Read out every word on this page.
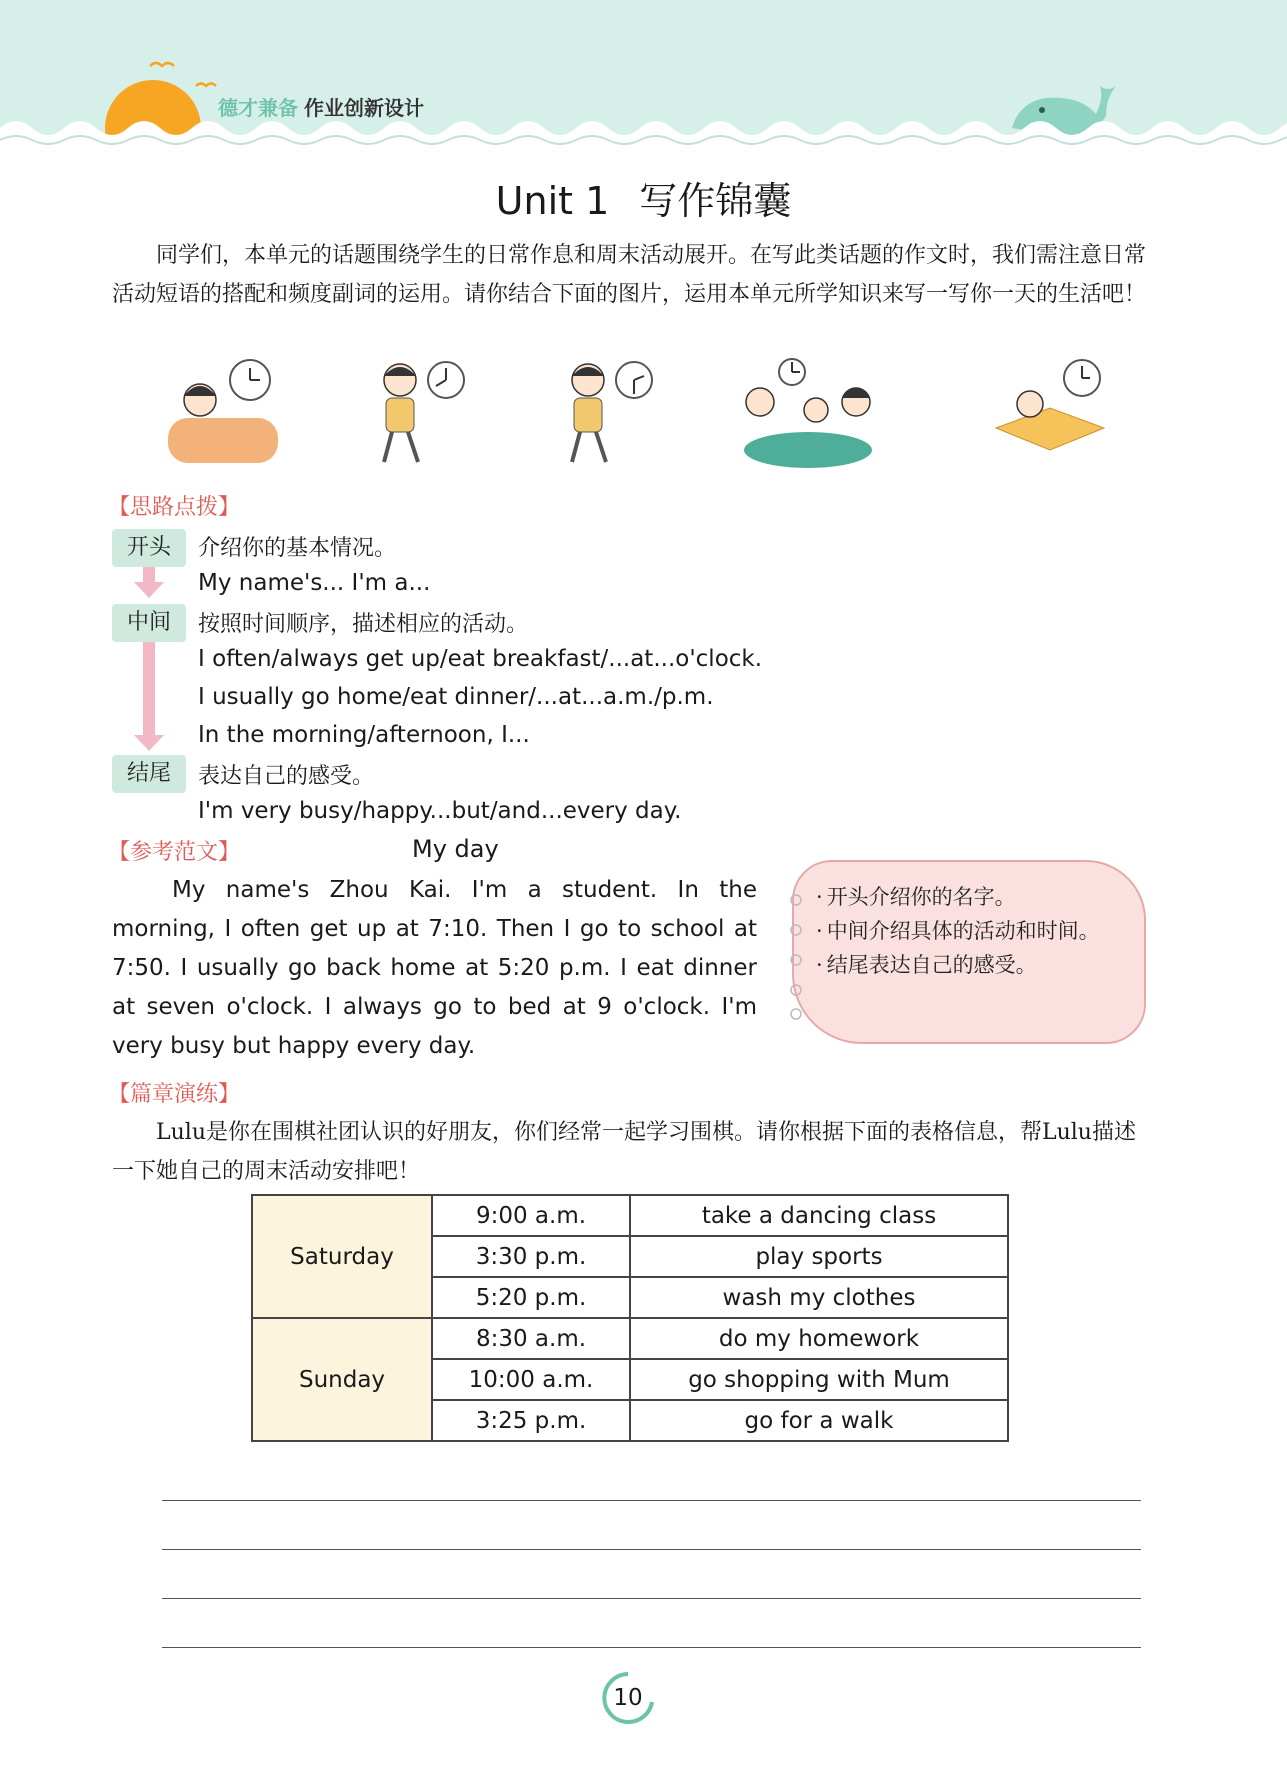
德才兼备 作业创新设计
Unit 1 写作锦囊
同学们，本单元的话题围绕学生的日常作息和周末活动展开。在写此类话题的作文时，我们需注意日常活动短语的搭配和频度副词的运用。请你结合下面的图片，运用本单元所学知识来写一写你一天的生活吧！
【思路点拨】
开头
中间
结尾
介绍你的基本情况。
My name's... I'm a...
按照时间顺序，描述相应的活动。
I often/always get up/eat breakfast/...at...o'clock.
I usually go home/eat dinner/...at...a.m./p.m.
In the morning/afternoon, I...
表达自己的感受。
I'm very busy/happy...but/and...every day.
【参考范文】	My day
My name's Zhou Kai. I'm a student. In the morning, I often get up at 7:10. Then I go to school at 7:50. I usually go back home at 5:20 p.m. I eat dinner at seven o'clock. I always go to bed at 9 o'clock. I'm very busy but happy every day.
· 开头介绍你的名字。
· 中间介绍具体的活动和时间。
· 结尾表达自己的感受。
【篇章演练】
Lulu是你在围棋社团认识的好朋友，你们经常一起学习围棋。请你根据下面的表格信息，帮Lulu描述一下她自己的周末活动安排吧！
Saturday	9:00 a.m.	take a dancing class
	3:30 p.m.	play sports
	5:20 p.m.	wash my clothes
Sunday	8:30 a.m.	do my homework
	10:00 a.m.	go shopping with Mum
	3:25 p.m.	go for a walk
10
